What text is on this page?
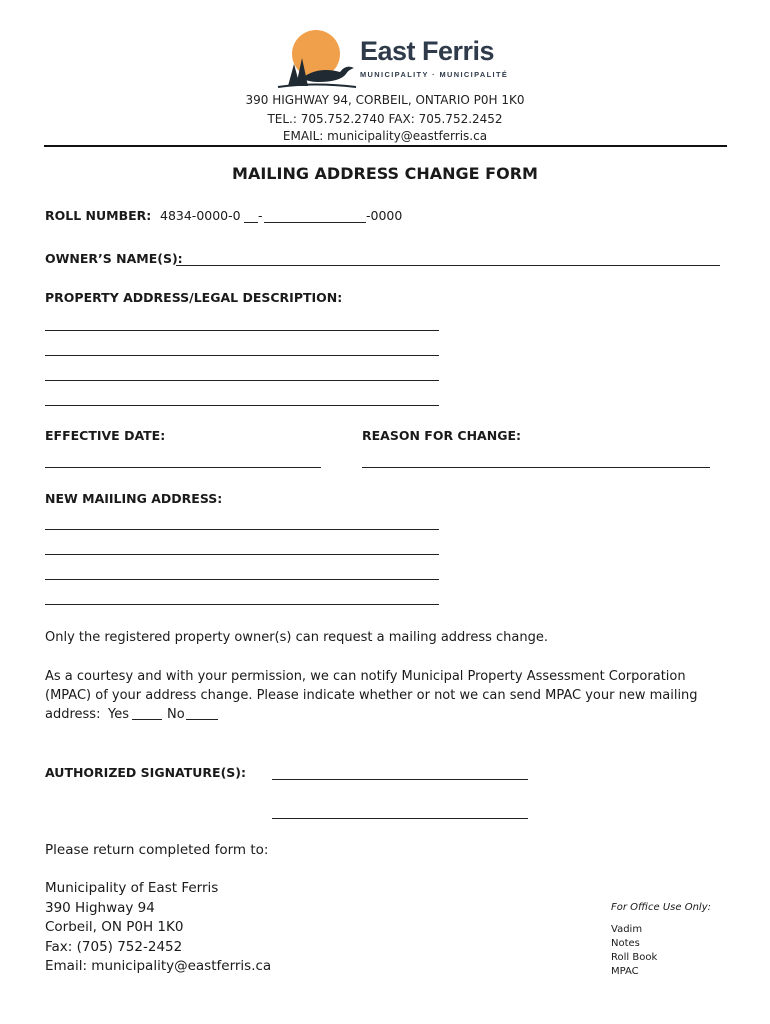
East Ferris
MUNICIPALITY · MUNICIPALITÉ
390 HIGHWAY 94, CORBEIL, ONTARIO P0H 1K0
TEL.: 705.752.2740 FAX: 705.752.2452
EMAIL: municipality@eastferris.ca
MAILING ADDRESS CHANGE FORM
ROLL NUMBER: 4834-0000-0 -	-0000
OWNER’S NAME(S):
PROPERTY ADDRESS/LEGAL DESCRIPTION:
EFFECTIVE DATE:	REASON FOR CHANGE:
NEW MAIILING ADDRESS:
Only the registered property owner(s) can request a mailing address change.
As a courtesy and with your permission, we can notify Municipal Property Assessment Corporation
(MPAC) of your address change. Please indicate whether or not we can send MPAC your new mailing
address: Yes	No
AUTHORIZED SIGNATURE(S):
Please return completed form to:
Municipality of East Ferris
390 Highway 94
Corbeil, ON P0H 1K0
Fax: (705) 752-2452
Email: municipality@eastferris.ca
For Office Use Only:
Vadim
Notes
Roll Book
MPAC
